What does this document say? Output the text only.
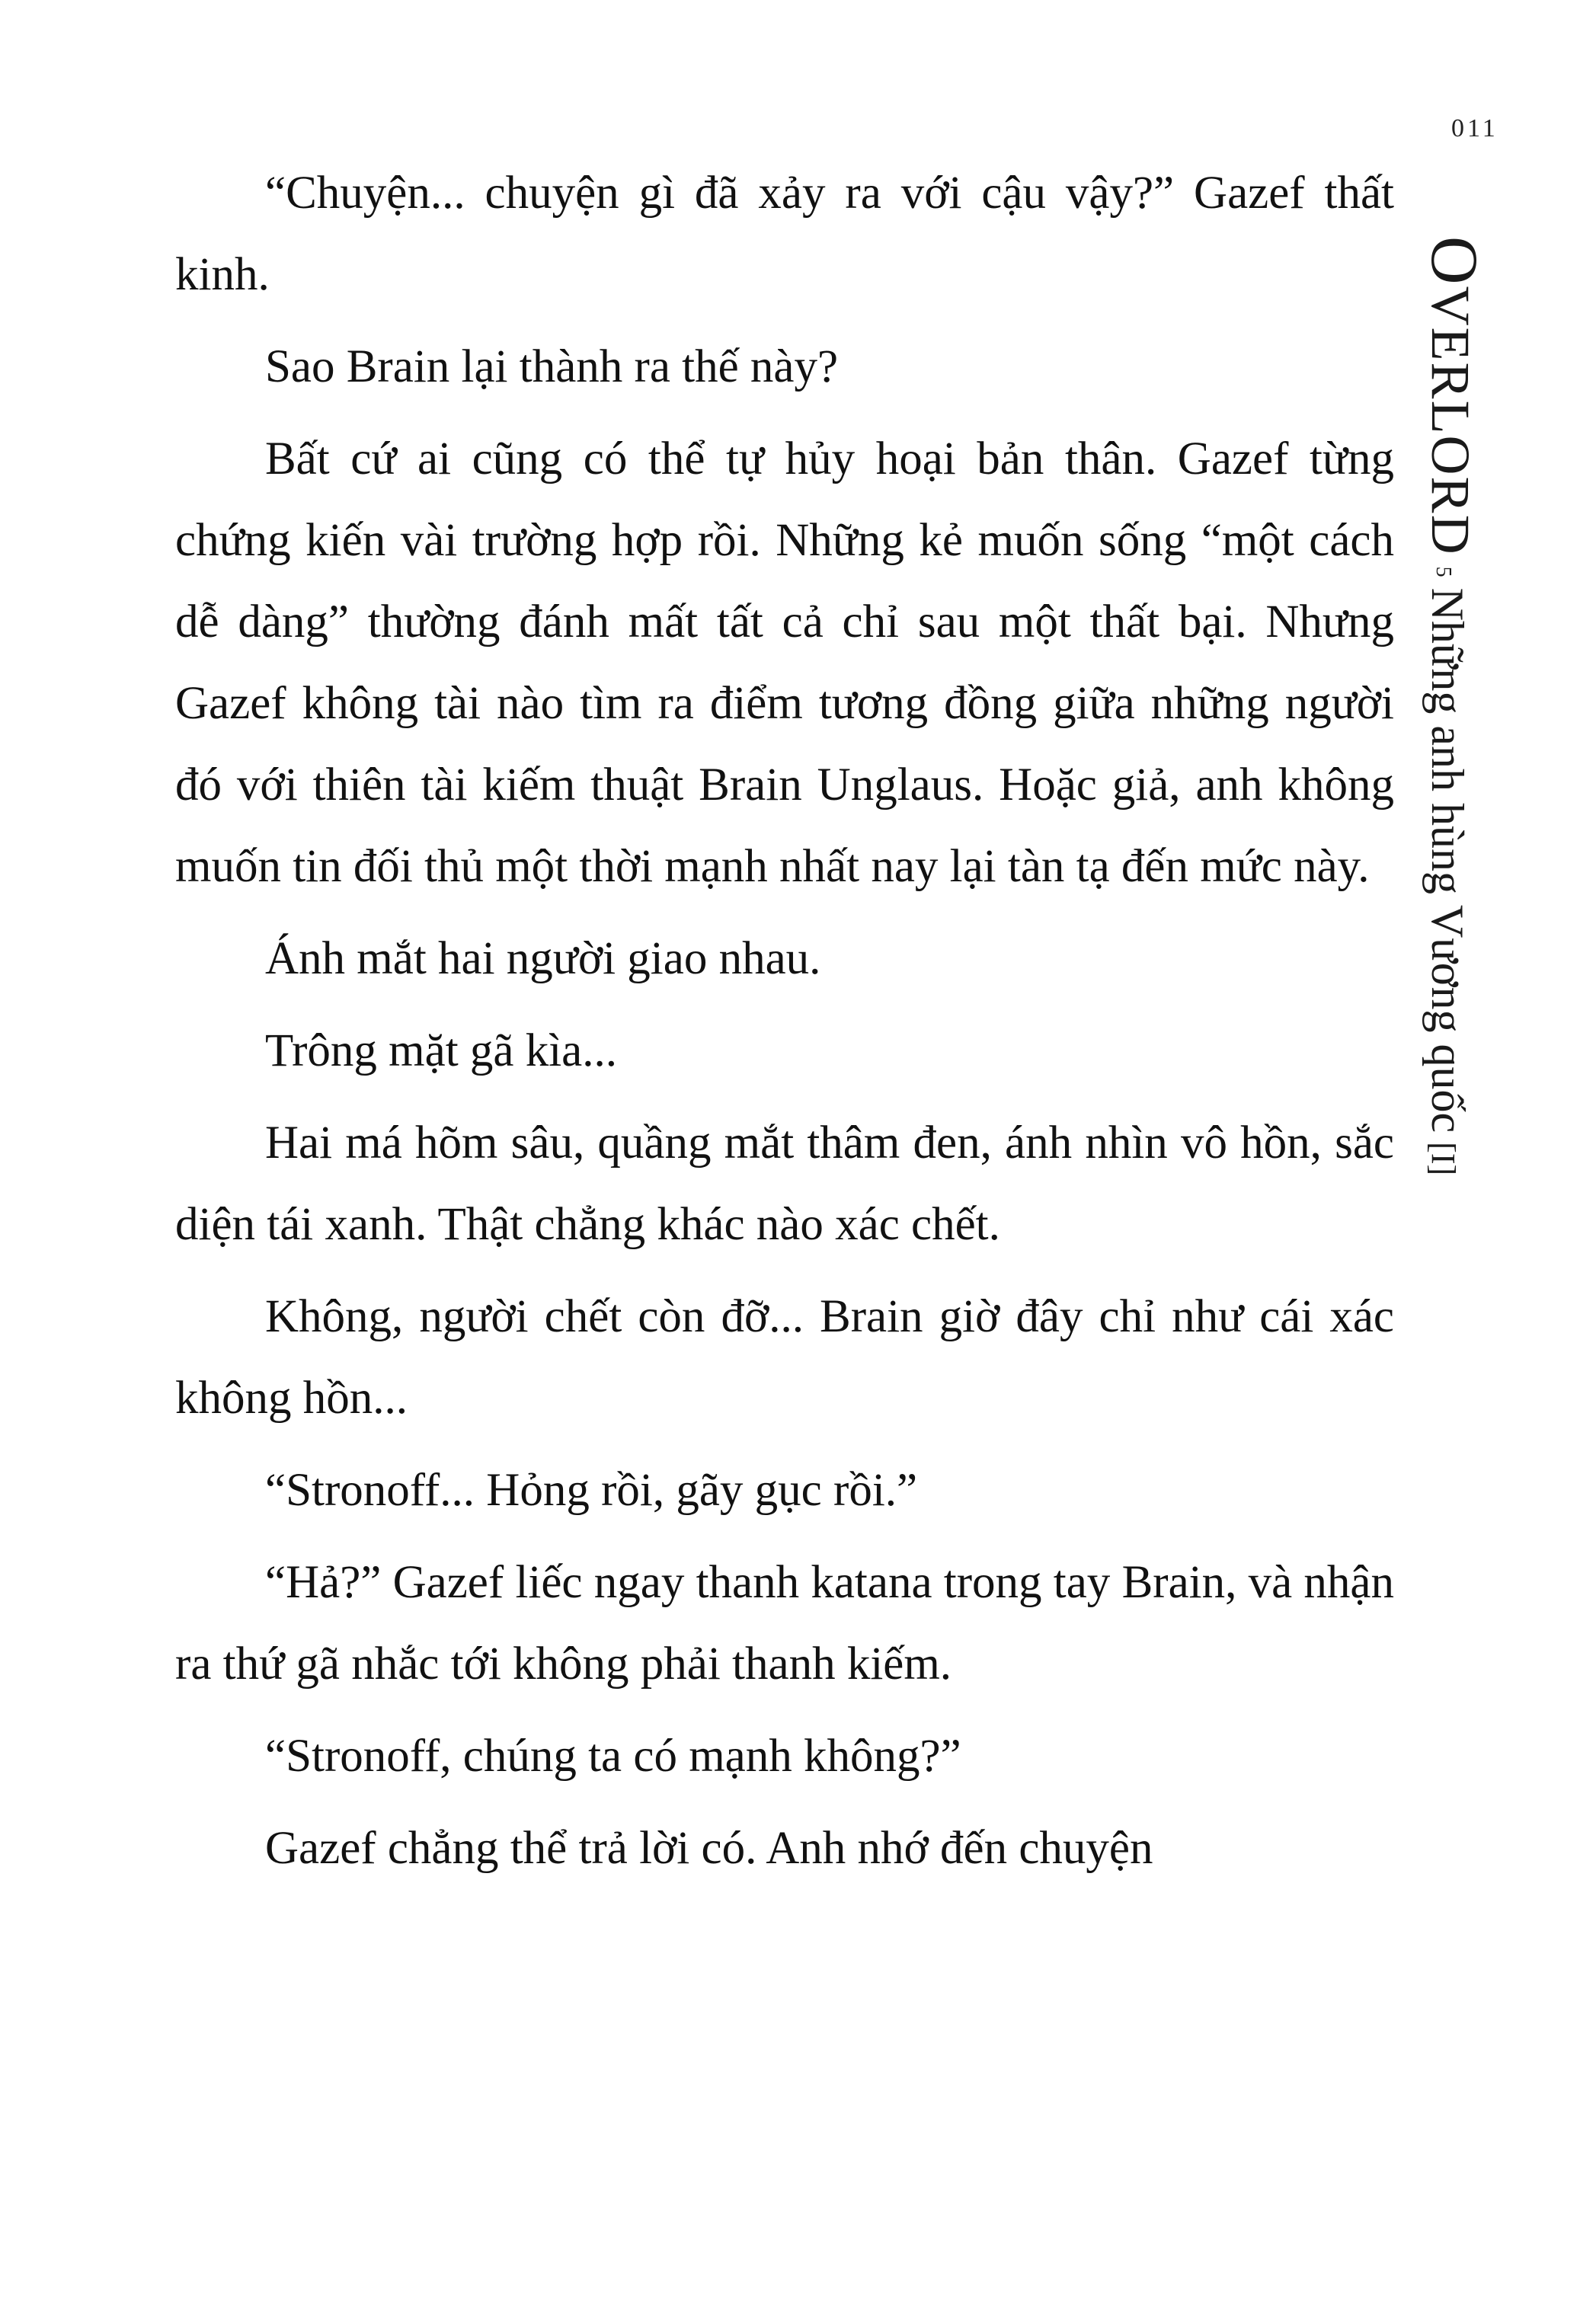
011
OVERLORD5Những anh hùng Vương quốc[I]

“Chuyện... chuyện gì đã xảy ra với cậu vậy?” Gazef thất kinh.

Sao Brain lại thành ra thế này?

Bất cứ ai cũng có thể tự hủy hoại bản thân. Gazef từng chứng kiến vài trường hợp rồi. Những kẻ muốn sống “một cách dễ dàng” thường đánh mất tất cả chỉ sau một thất bại. Nhưng Gazef không tài nào tìm ra điểm tương đồng giữa những người đó với thiên tài kiếm thuật Brain Unglaus. Hoặc giả, anh không muốn tin đối thủ một thời mạnh nhất nay lại tàn tạ đến mức này.

Ánh mắt hai người giao nhau.

Trông mặt gã kìa...

Hai má hõm sâu, quầng mắt thâm đen, ánh nhìn vô hồn, sắc diện tái xanh. Thật chẳng khác nào xác chết.

Không, người chết còn đỡ... Brain giờ đây chỉ như cái xác không hồn...

“Stronoff... Hỏng rồi, gãy gục rồi.”

“Hả?” Gazef liếc ngay thanh katana trong tay Brain, và nhận ra thứ gã nhắc tới không phải thanh kiếm.

“Stronoff, chúng ta có mạnh không?”

Gazef chẳng thể trả lời có. Anh nhớ đến chuyện
